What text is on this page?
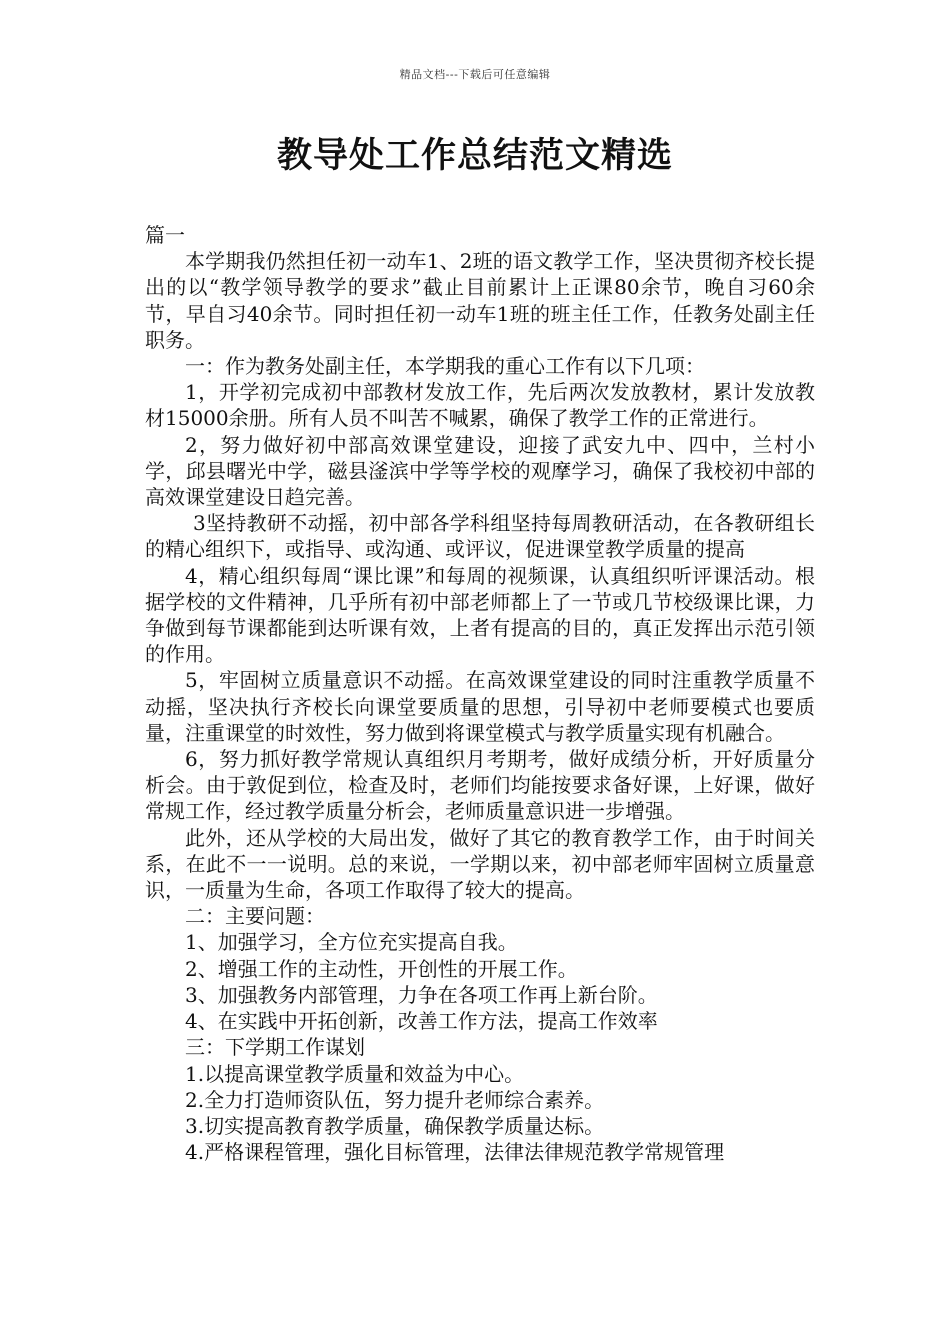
精品文档---下载后可任意编辑
教导处工作总结范文精选

篇一

本学期我仍然担任初一动车1、2班的语文教学工作，坚决贯彻齐校长提出的以“教学领导教学的要求”截止目前累计上正课80余节，晚自习60余节，早自习40余节。同时担任初一动车1班的班主任工作，任教务处副主任职务。

一：作为教务处副主任，本学期我的重心工作有以下几项：

1，开学初完成初中部教材发放工作，先后两次发放教材，累计发放教材15000余册。所有人员不叫苦不喊累，确保了教学工作的正常进行。

2，努力做好初中部高效课堂建设，迎接了武安九中、四中，兰村小学，邱县曙光中学，磁县滏滨中学等学校的观摩学习，确保了我校初中部的高效课堂建设日趋完善。

3坚持教研不动摇，初中部各学科组坚持每周教研活动，在各教研组长的精心组织下，或指导、或沟通、或评议，促进课堂教学质量的提高

4，精心组织每周“课比课”和每周的视频课，认真组织听评课活动。根据学校的文件精神，几乎所有初中部老师都上了一节或几节校级课比课，力争做到每节课都能到达听课有效，上者有提高的目的，真正发挥出示范引领的作用。

5，牢固树立质量意识不动摇。在高效课堂建设的同时注重教学质量不动摇，坚决执行齐校长向课堂要质量的思想，引导初中老师要模式也要质量，注重课堂的时效性，努力做到将课堂模式与教学质量实现有机融合。

6，努力抓好教学常规认真组织月考期考，做好成绩分析，开好质量分析会。由于敦促到位，检查及时，老师们均能按要求备好课，上好课，做好常规工作，经过教学质量分析会，老师质量意识进一步增强。

此外，还从学校的大局出发，做好了其它的教育教学工作，由于时间关系，在此不一一说明。总的来说，一学期以来，初中部老师牢固树立质量意识，一质量为生命，各项工作取得了较大的提高。

二：主要问题：

1、加强学习，全方位充实提高自我。

2、增强工作的主动性，开创性的开展工作。

3、加强教务内部管理，力争在各项工作再上新台阶。

4、在实践中开拓创新，改善工作方法，提高工作效率

三：下学期工作谋划

1.以提高课堂教学质量和效益为中心。

2.全力打造师资队伍，努力提升老师综合素养。

3.切实提高教育教学质量，确保教学质量达标。

4.严格课程管理，强化目标管理，法律法律规范教学常规管理
